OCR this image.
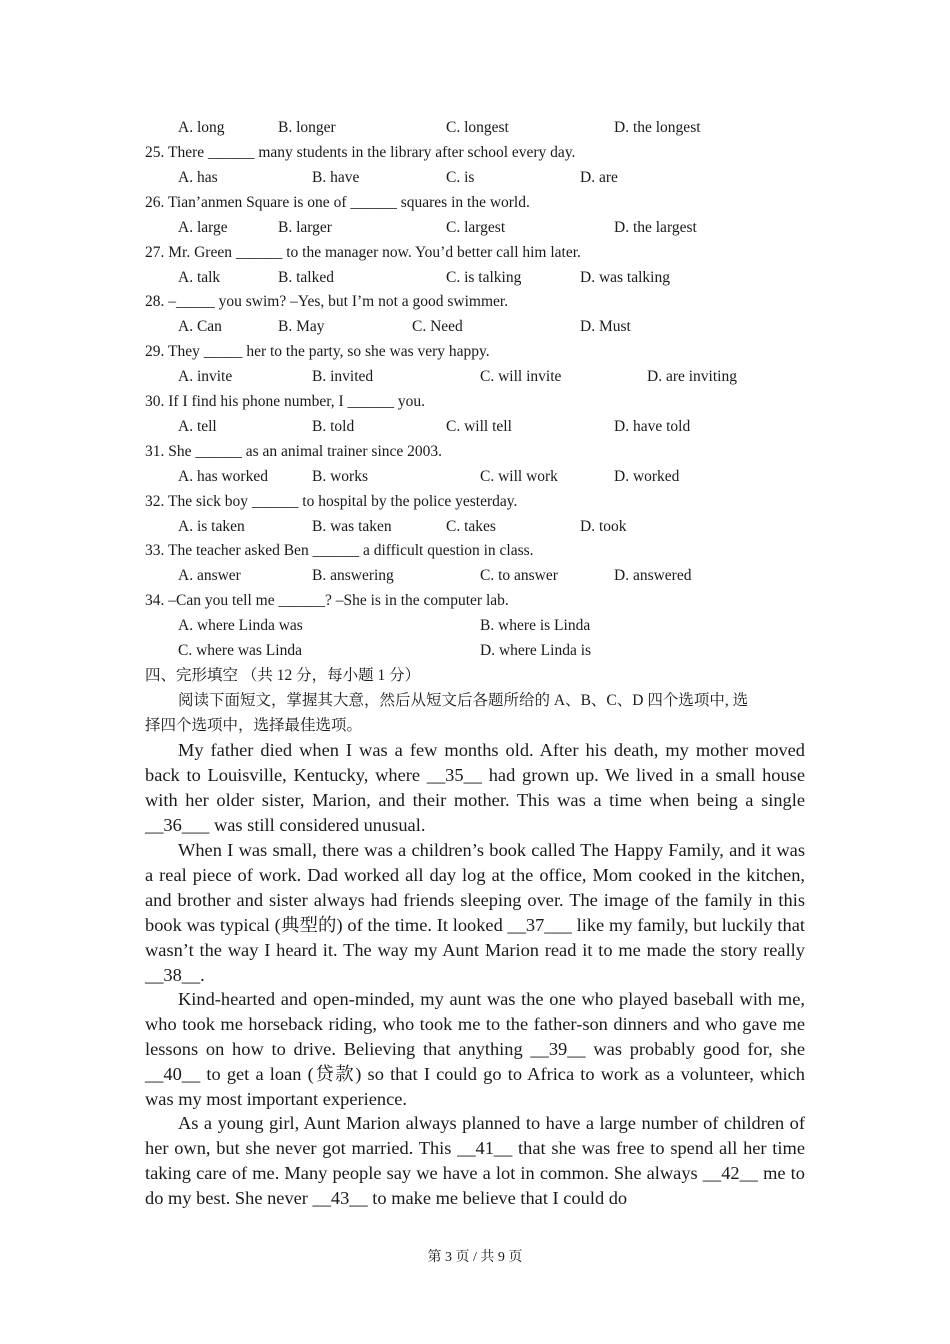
A. long	B. longer	C. longest	D. the longest
25. There ______ many students in the library after school every day.
A. has	B. have	C. is	D. are
26. Tian’anmen Square is one of ______ squares in the world.
A. large	B. larger	C. largest	D. the largest
27. Mr. Green ______ to the manager now. You’d better call him later.
A. talk	B. talked	C. is talking	D. was talking
28. –_____ you swim? –Yes, but I’m not a good swimmer.
A. Can	B. May	C. Need	D. Must
29. They _____ her to the party, so she was very happy.
A. invite	B. invited	C. will invite	D. are inviting
30. If I find his phone number, I ______ you.
A. tell	B. told	C. will tell	D. have told
31. She ______ as an animal trainer since 2003.
A. has worked	B. works	C. will work	D. worked
32. The sick boy ______ to hospital by the police yesterday.
A. is taken	B. was taken	C. takes	D. took
33. The teacher asked Ben ______ a difficult question in class.
A. answer	B. answering	C. to answer	D. answered
34. –Can you tell me ______? –She is in the computer lab.
A. where Linda was	B. where is Linda
C. where was Linda	D. where Linda is
四、完形填空 （共 12 分，每小题 1 分）
阅读下面短文，掌握其大意，然后从短文后各题所给的 A、B、C、D 四个选项中, 选
择四个选项中，选择最佳选项。
My father died when I was a few months old. After his death, my mother moved back to Louisville, Kentucky, where __35__ had grown up. We lived in a small house with her older sister, Marion, and their mother. This was a time when being a single __36___ was still considered unusual.
When I was small, there was a children’s book called The Happy Family, and it was a real piece of work. Dad worked all day log at the office, Mom cooked in the kitchen, and brother and sister always had friends sleeping over. The image of the family in this book was typical (典型的) of the time. It looked __37___ like my family, but luckily that wasn’t the way I heard it. The way my Aunt Marion read it to me made the story really __38__.
Kind-hearted and open-minded, my aunt was the one who played baseball with me, who took me horseback riding, who took me to the father-son dinners and who gave me lessons on how to drive. Believing that anything __39__ was probably good for, she __40__ to get a loan (贷款) so that I could go to Africa to work as a volunteer, which was my most important experience.
As a young girl, Aunt Marion always planned to have a large number of children of her own, but she never got married. This __41__ that she was free to spend all her time taking care of me. Many people say we have a lot in common. She always __42__ me to do my best. She never __43__ to make me believe that I could do
第 3 页 / 共 9 页
